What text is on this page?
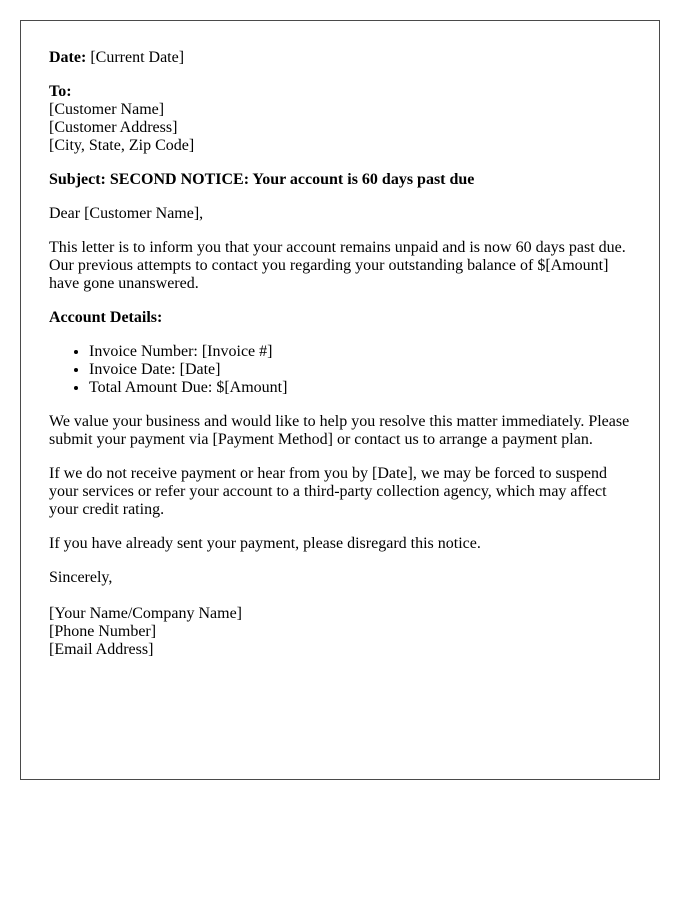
Date: [Current Date]

To:
[Customer Name]
[Customer Address]
[City, State, Zip Code]

Subject: SECOND NOTICE: Your account is 60 days past due

Dear [Customer Name],

This letter is to inform you that your account remains unpaid and is now 60 days past due. Our previous attempts to contact you regarding your outstanding balance of $[Amount] have gone unanswered.

Account Details:

• Invoice Number: [Invoice #]
• Invoice Date: [Date]
• Total Amount Due: $[Amount]

We value your business and would like to help you resolve this matter immediately. Please submit your payment via [Payment Method] or contact us to arrange a payment plan.

If we do not receive payment or hear from you by [Date], we may be forced to suspend your services or refer your account to a third-party collection agency, which may affect your credit rating.

If you have already sent your payment, please disregard this notice.

Sincerely,

[Your Name/Company Name]
[Phone Number]
[Email Address]
